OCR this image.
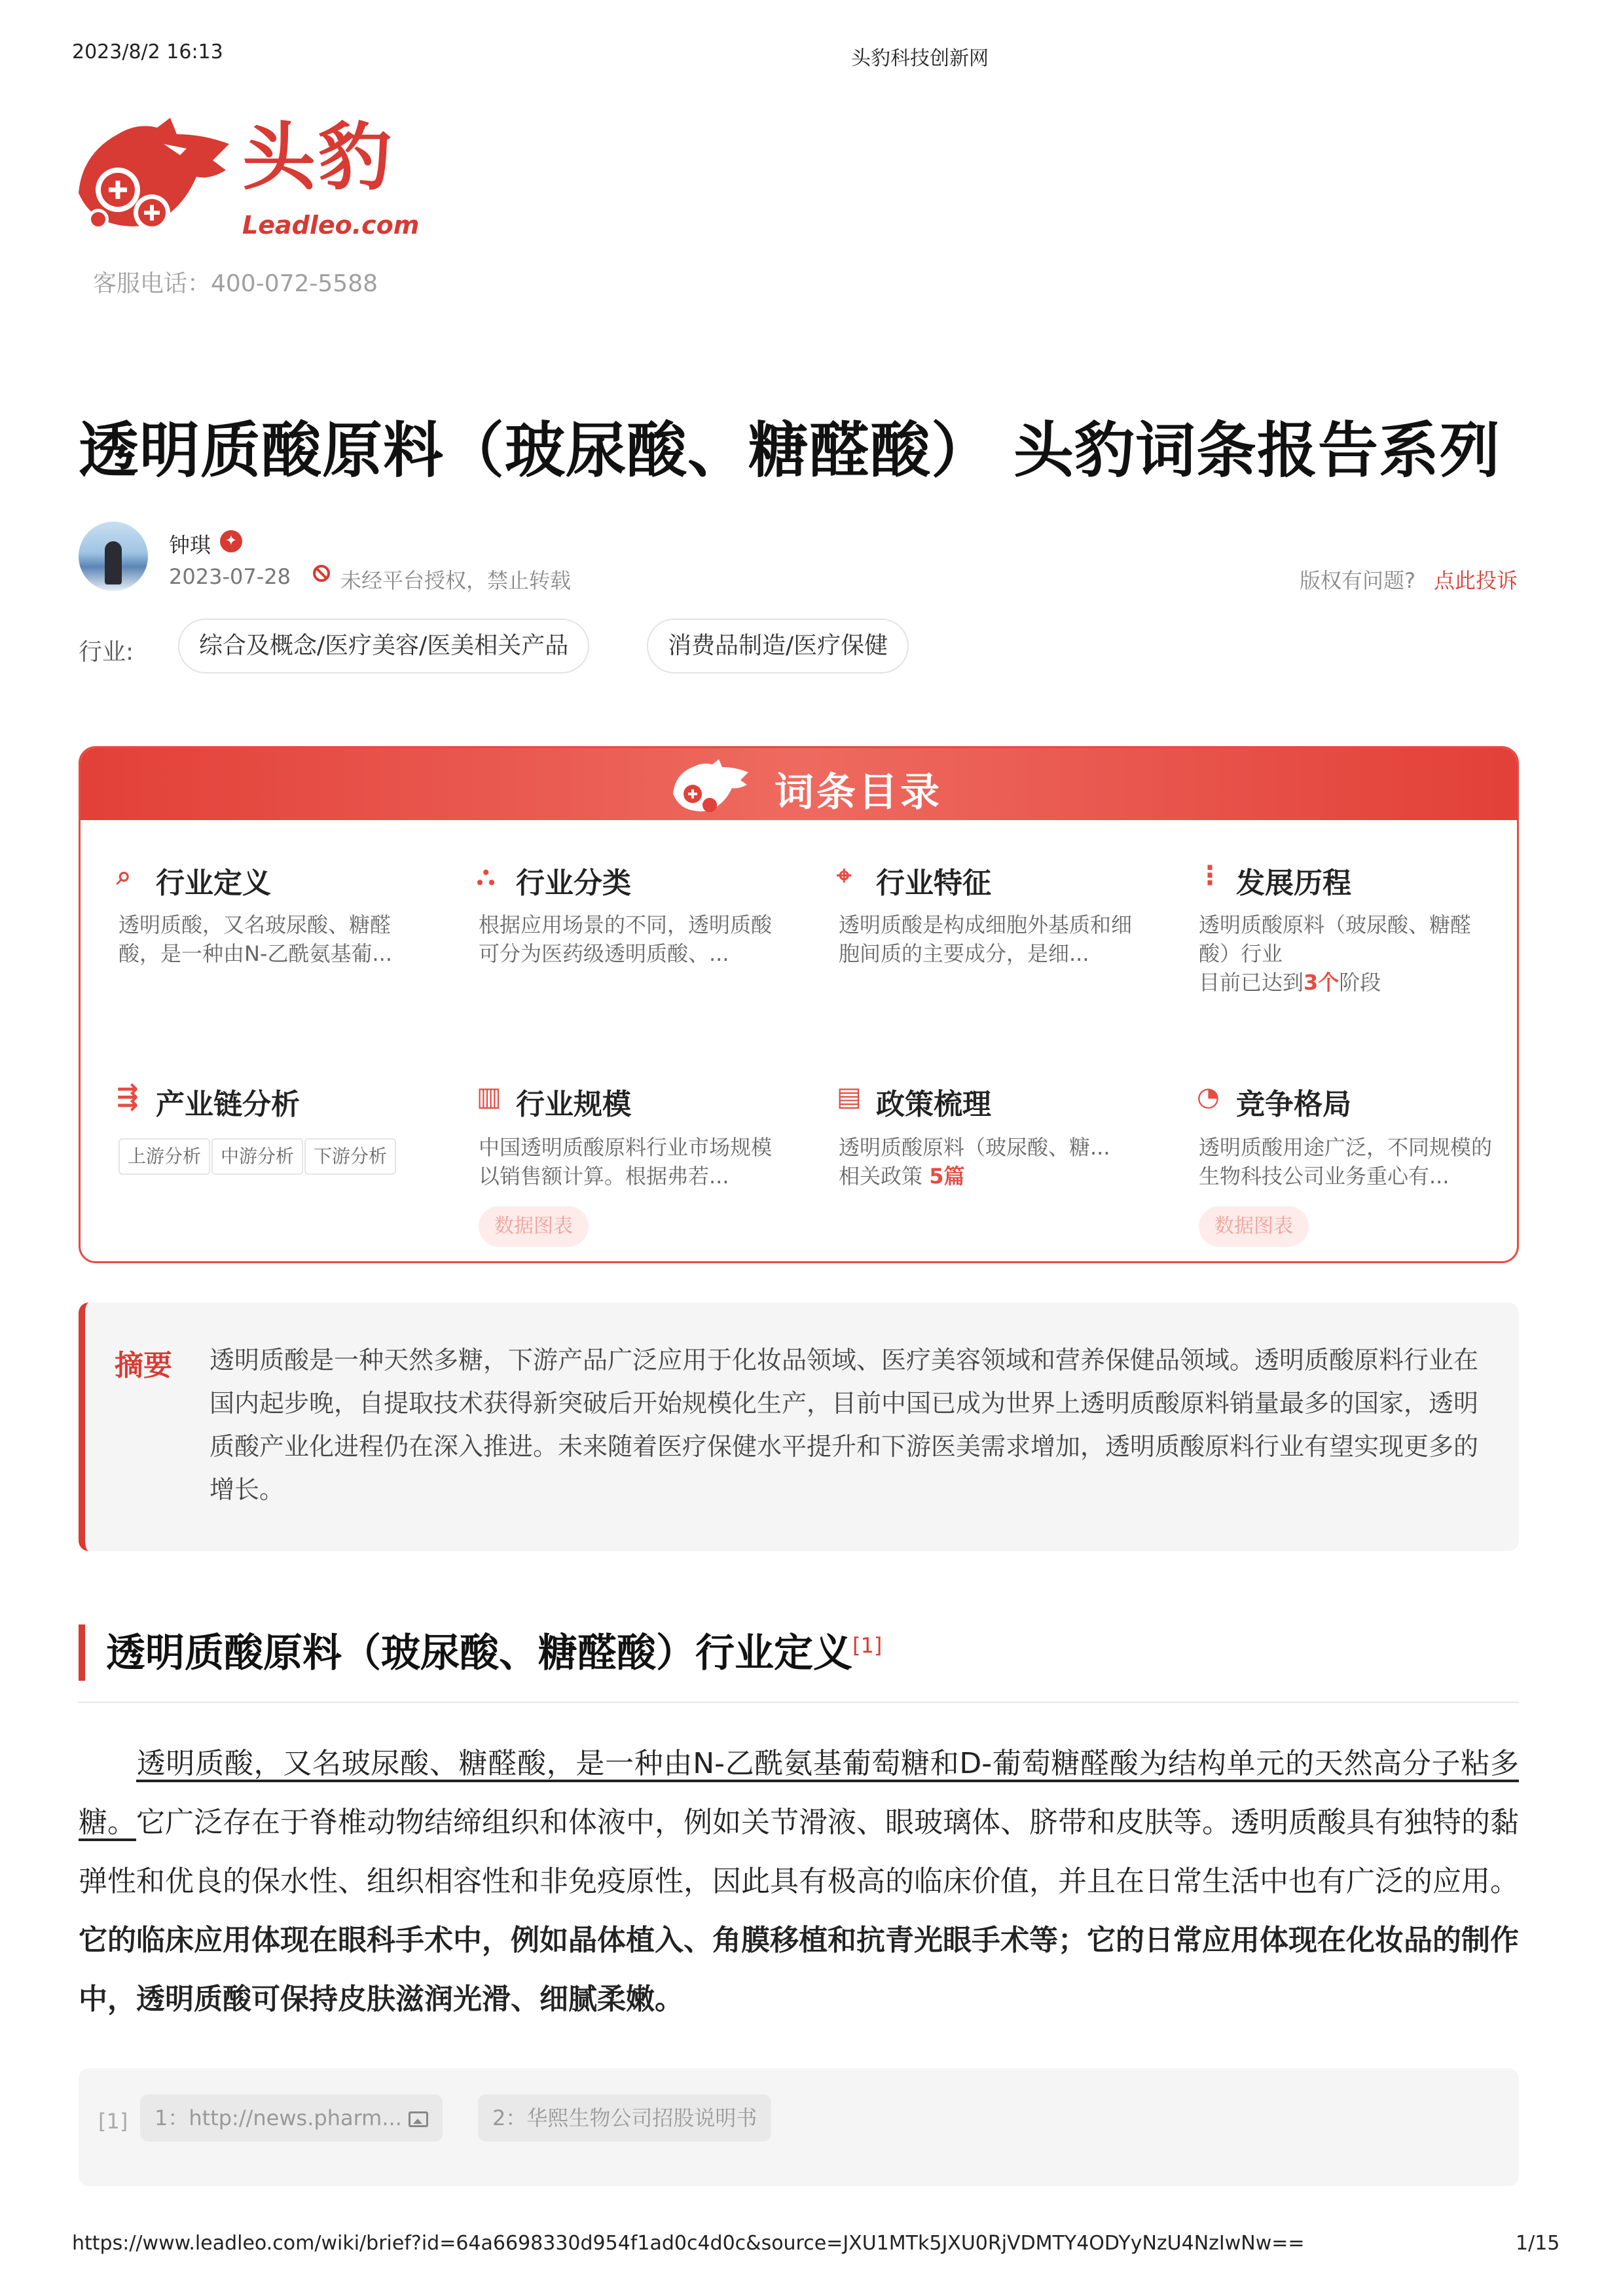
2023/8/2 16:13	头豹科技创新网
头豹
Leadleo.com
客服电话：400-072-5588
透明质酸原料（玻尿酸、糖醛酸） 头豹词条报告系列
钟琪 ✦
2023-07-28 未经平台授权，禁止转载	版权有问题? 点此投诉
行业:	综合及概念/医疗美容/医美相关产品	消费品制造/医疗保健
词条目录
⌕ 行业定义
透明质酸，又名玻尿酸、糖醛酸，是一种由N-乙酰氨基葡...
⛬ 行业分类
根据应用场景的不同，透明质酸可分为医药级透明质酸、...
⌖ 行业特征
透明质酸是构成细胞外基质和细胞间质的主要成分，是细...
⋮ 发展历程
透明质酸原料（玻尿酸、糖醛酸）行业
目前已达到3个阶段
⇶ 产业链分析
上游分析	中游分析	下游分析
▥ 行业规模
中国透明质酸原料行业市场规模以销售额计算。根据弗若...
数据图表
▤ 政策梳理
透明质酸原料（玻尿酸、糖...
相关政策 5篇
◔ 竞争格局
透明质酸用途广泛，不同规模的生物科技公司业务重心有...
数据图表
摘要 透明质酸是一种天然多糖，下游产品广泛应用于化妆品领域、医疗美容领域和营养保健品领域。透明质酸原料行业在国内起步晚，自提取技术获得新突破后开始规模化生产，目前中国已成为世界上透明质酸原料销量最多的国家，透明质酸产业化进程仍在深入推进。未来随着医疗保健水平提升和下游医美需求增加，透明质酸原料行业有望实现更多的增长。
透明质酸原料（玻尿酸、糖醛酸）行业定义[1]
透明质酸，又名玻尿酸、糖醛酸，是一种由N-乙酰氨基葡萄糖和D-葡萄糖醛酸为结构单元的天然高分子粘多糖。它广泛存在于脊椎动物结缔组织和体液中，例如关节滑液、眼玻璃体、脐带和皮肤等。透明质酸具有独特的黏弹性和优良的保水性、组织相容性和非免疫原性，因此具有极高的临床价值，并且在日常生活中也有广泛的应用。它的临床应用体现在眼科手术中，例如晶体植入、角膜移植和抗青光眼手术等；它的日常应用体现在化妆品的制作中，透明质酸可保持皮肤滋润光滑、细腻柔嫩。
[1]	1：http://news.pharm...	2：华熙生物公司招股说明书
https://www.leadleo.com/wiki/brief?id=64a6698330d954f1ad0c4d0c&source=JXU1MTk5JXU0RjVDMTY4ODYyNzU4NzIwNw==	1/15
